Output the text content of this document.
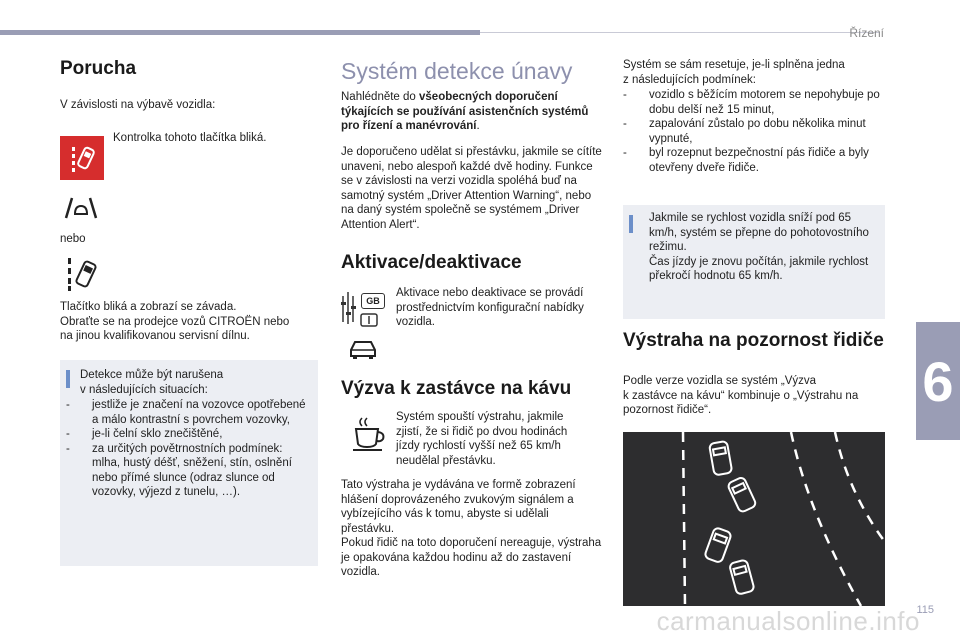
Řízení
6
carmanualsonline.info
115
Porucha
V závislosti na výbavě vozidla:
Kontrolka tohoto tlačítka bliká.
nebo
Tlačítko bliká a zobrazí se závada.
Obraťte se na prodejce vozů CITROËN nebo
na jinou kvalifikovanou servisní dílnu.
Detekce může být narušena
v následujících situacích:
- jestliže je značení na vozovce opotřebené a málo kontrastní s povrchem vozovky,
- je-li čelní sklo znečištěné,
- za určitých povětrnostních podmínek: mlha, hustý déšť, sněžení, stín, oslnění nebo přímé slunce (odraz slunce od vozovky, výjezd z tunelu, …).
Systém detekce únavy
Nahlédněte do všeobecných doporučení týkajících se používání asistenčních systémů pro řízení a manévrování.
Je doporučeno udělat si přestávku, jakmile se cítíte unaveni, nebo alespoň každé dvě hodiny. Funkce se v závislosti na verzi vozidla spoléhá buď na samotný systém „Driver Attention Warning“, nebo na daný systém společně se systémem „Driver Attention Alert“.
Aktivace/deaktivace
GB
Aktivace nebo deaktivace se provádí prostřednictvím konfigurační nabídky vozidla.
Výzva k zastávce na kávu
Systém spouští výstrahu, jakmile zjistí, že si řidič po dvou hodinách jízdy rychlostí vyšší než 65 km/h neudělal přestávku.
Tato výstraha je vydávána ve formě zobrazení hlášení doprovázeného zvukovým signálem a vybízejícího vás k tomu, abyste si udělali přestávku.
Pokud řidič na toto doporučení nereaguje, výstraha je opakována každou hodinu až do zastavení vozidla.
Systém se sám resetuje, je-li splněna jedna
z následujících podmínek:
- vozidlo s běžícím motorem se nepohybuje po dobu delší než 15 minut,
- zapalování zůstalo po dobu několika minut vypnuté,
- byl rozepnut bezpečnostní pás řidiče a byly otevřeny dveře řidiče.
Jakmile se rychlost vozidla sníží pod 65 km/h, systém se přepne do pohotovostního režimu.
Čas jízdy je znovu počítán, jakmile rychlost překročí hodnotu 65 km/h.
Výstraha na pozornost řidiče
Podle verze vozidla se systém „Výzva
k zastávce na kávu“ kombinuje o „Výstrahu na
pozornost řidiče“.
